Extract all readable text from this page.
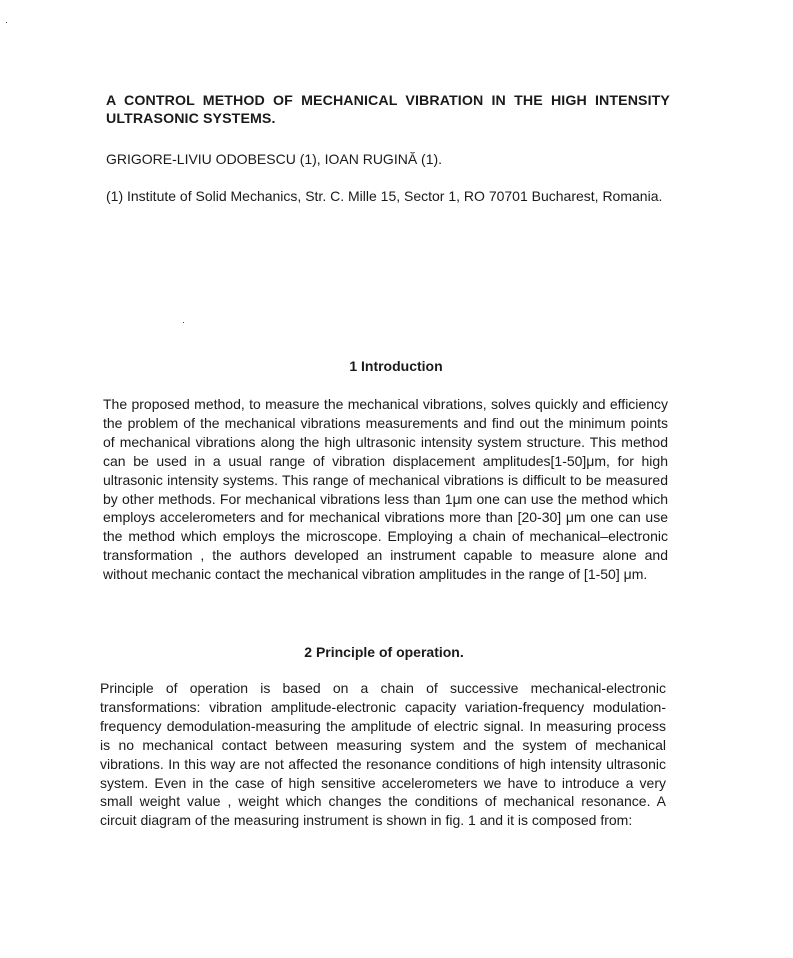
A CONTROL METHOD OF MECHANICAL VIBRATION IN THE HIGH INTENSITY ULTRASONIC SYSTEMS.
GRIGORE-LIVIU ODOBESCU (1), IOAN RUGINĂ (1).
(1) Institute of Solid Mechanics, Str. C. Mille 15, Sector 1, RO 70701 Bucharest, Romania.
1 Introduction
The proposed method, to measure the mechanical vibrations, solves quickly and efficiency the problem of the mechanical vibrations measurements and find out the minimum points of mechanical vibrations along the high ultrasonic intensity system structure. This method can be used in a usual range of vibration displacement amplitudes[1-50]μm, for high ultrasonic intensity systems. This range of mechanical vibrations is difficult to be measured by other methods. For mechanical vibrations less than 1μm one can use the method which employs accelerometers and for mechanical vibrations more than [20-30] μm one can use the method which employs the microscope. Employing a chain of mechanical–electronic transformation , the authors developed an instrument capable to measure alone and without mechanic contact the mechanical vibration amplitudes in the range of [1-50] μm.
2 Principle of operation.
Principle of operation is based on a chain of successive mechanical-electronic transformations: vibration amplitude-electronic capacity variation-frequency modulation-frequency demodulation-measuring the amplitude of electric signal. In measuring process is no mechanical contact between measuring system and the system of mechanical vibrations. In this way are not affected the resonance conditions of high intensity ultrasonic system. Even in the case of high sensitive accelerometers we have to introduce a very small weight value , weight which changes the conditions of mechanical resonance. A circuit diagram of the measuring instrument is shown in fig. 1 and it is composed from:
